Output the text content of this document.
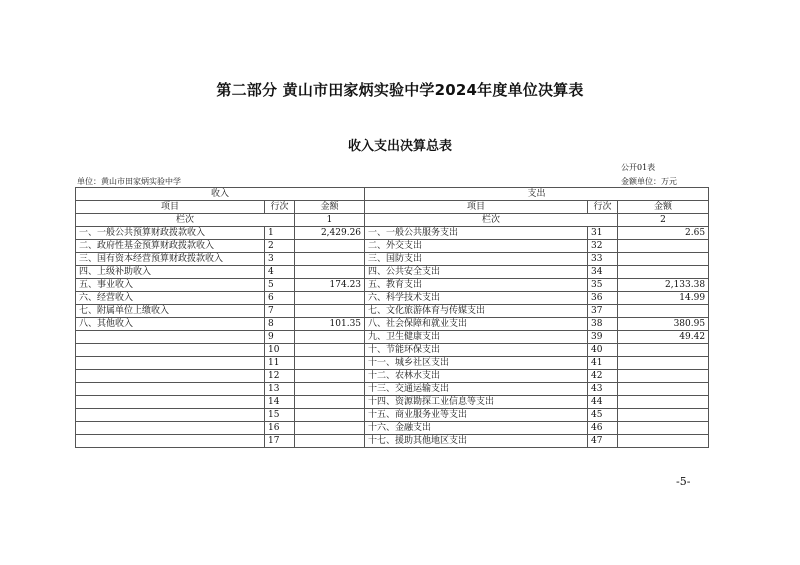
第二部分 黄山市田家炳实验中学2024年度单位决算表
收入支出决算总表
公开01表
单位：黄山市田家炳实验中学	金额单位：万元
收入			支出		
项目	行次	金额	项目	行次	金额
栏次		1	栏次		2
一、一般公共预算财政拨款收入	1	2,429.26	一、一般公共服务支出	31	2.65
二、政府性基金预算财政拨款收入	2		二、外交支出	32	
三、国有资本经营预算财政拨款收入	3		三、国防支出	33	
四、上级补助收入	4		四、公共安全支出	34	
五、事业收入	5	174.23	五、教育支出	35	2,133.38
六、经营收入	6		六、科学技术支出	36	14.99
七、附属单位上缴收入	7		七、文化旅游体育与传媒支出	37	
八、其他收入	8	101.35	八、社会保障和就业支出	38	380.95
	9		九、卫生健康支出	39	49.42
	10		十、节能环保支出	40	
	11		十一、城乡社区支出	41	
	12		十二、农林水支出	42	
	13		十三、交通运输支出	43	
	14		十四、资源勘探工业信息等支出	44	
	15		十五、商业服务业等支出	45	
	16		十六、金融支出	46	
	17		十七、援助其他地区支出	47	
-5-
